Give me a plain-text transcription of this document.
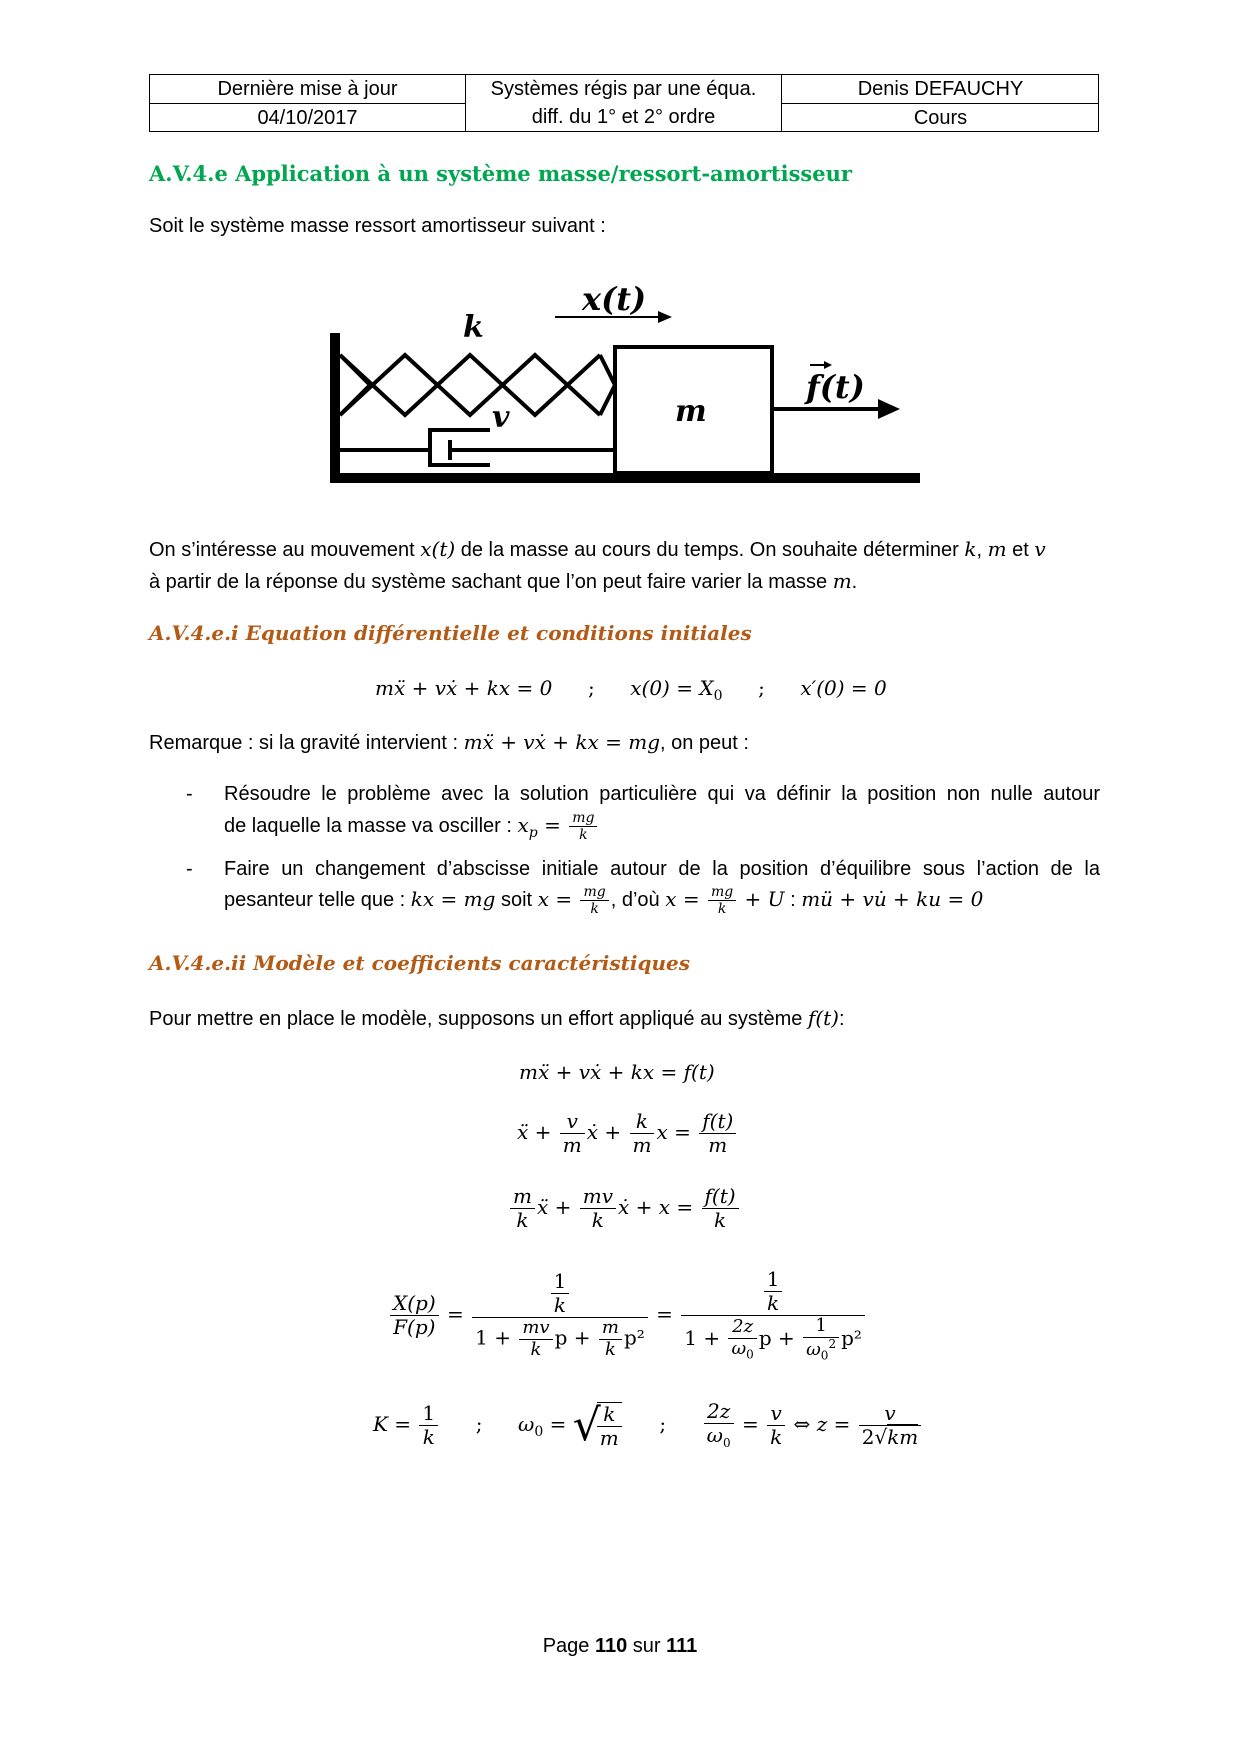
Dernière mise à jour
04/10/2017
Systèmes régis par une équa.
diff. du 1° et 2° ordre
Denis DEFAUCHY
Cours
A.V.4.e Application à un système masse/ressort-amortisseur
Soit le système masse ressort amortisseur suivant :
x(t)
k
v	m
f(t)
On s’intéresse au mouvement x(t) de la masse au cours du temps. On souhaite déterminer k, m et v
à partir de la réponse du système sachant que l’on peut faire varier la masse m.
A.V.4.e.i Equation différentielle et conditions initiales
mẍ + vẋ + kx = 0 ; $x(0) = X_0$ ; x′(0) = 0
Remarque : si la gravité intervient : mẍ + vẋ + kx = mg, on peut :
- Résoudre le problème avec la solution particulière qui va définir la position non nulle autour
de laquelle la masse va osciller : $x_p = \frac{mg}{k}$
- Faire un changement d’abscisse initiale autour de la position d’équilibre sous l’action de la
pesanteur telle que : kx = mg soit $x = \frac{mg}{k}$ , d’où $x = \frac{mg}{k} + U$ : mü + vu̇ + ku = 0
A.V.4.e.ii Modèle et coefficients caractéristiques
Pour mettre en place le modèle, supposons un effort appliqué au système f(t):
mẍ + vẋ + kx = f(t)
ẍ + $\frac{v}{m}$ ẋ + $\frac{k}{m}$ $x = \frac{f(t)}{m}$
$\frac{m}{k}$ ẍ + $\frac{mv}{k}$ ẋ + $x = \frac{f(t)}{k}$
$\frac{X(p)}{F(p)} = \frac{\frac{1}{k}}{1 + \frac{mv}{k} p + \frac{m}{k} p^2} = \frac{\frac{1}{k}}{1 + \frac{2z}{\omega_0} p + \frac{1}{\omega_0^2} p^2}$
$K = \frac{1}{k}$ ; $\omega_0$ = √
$\frac{k}{m}$ ; $\frac{2z}{\omega_0} = \frac{v}{k}$ ⇔ $z = \frac{v}{2√km}$
Page 110 sur 111
